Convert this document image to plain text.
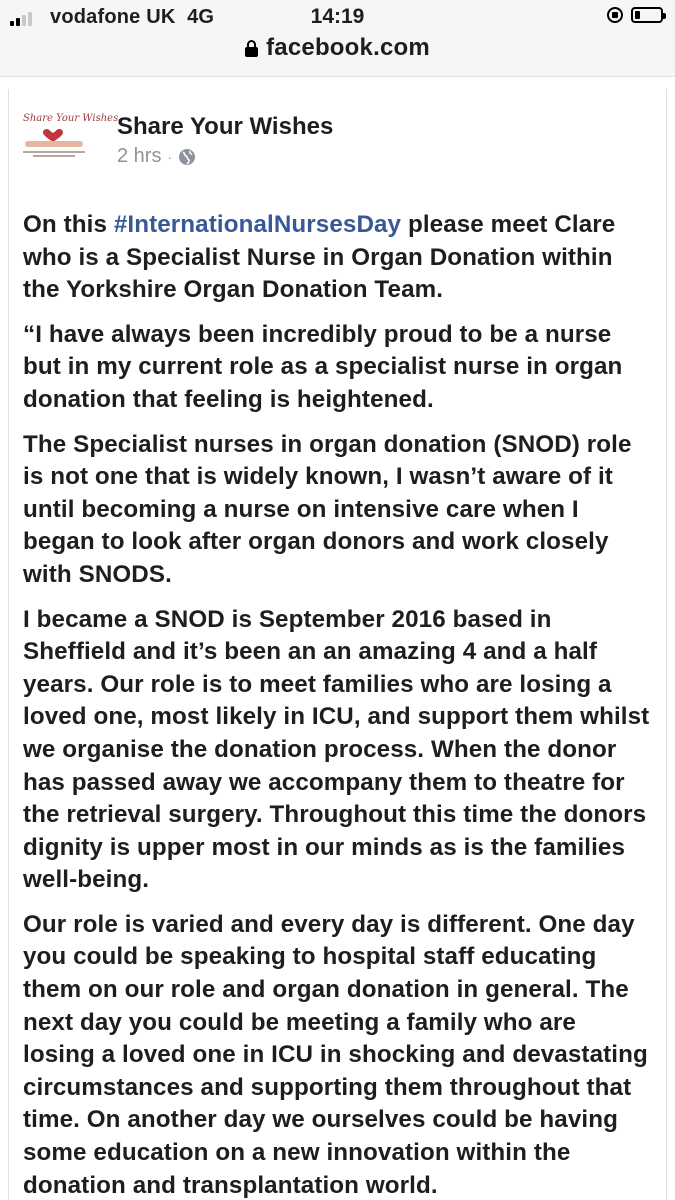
vodafone UK 4G	14:19
facebook.com
Share Your Wishes
Share Your Wishes
2 hrs ·

On this #InternationalNursesDay please meet Clare who is a Specialist Nurse in Organ Donation within the Yorkshire Organ Donation Team.

“I have always been incredibly proud to be a nurse but in my current role as a specialist nurse in organ donation that feeling is heightened.

The Specialist nurses in organ donation (SNOD) role is not one that is widely known, I wasn’t aware of it until becoming a nurse on intensive care when I began to look after organ donors and work closely with SNODS.

I became a SNOD is September 2016 based in Sheffield and it’s been an an amazing 4 and a half years. Our role is to meet families who are losing a loved one, most likely in ICU, and support them whilst we organise the donation process. When the donor has passed away we accompany them to theatre for the retrieval surgery. Throughout this time the donors dignity is upper most in our minds as is the families well-being.

Our role is varied and every day is different. One day you could be speaking to hospital staff educating them on our role and organ donation in general. The next day you could be meeting a family who are losing a loved one in ICU in shocking and devastating circumstances and supporting them throughout that time. On another day we ourselves could be having some education on a new innovation within the donation and transplantation world.
